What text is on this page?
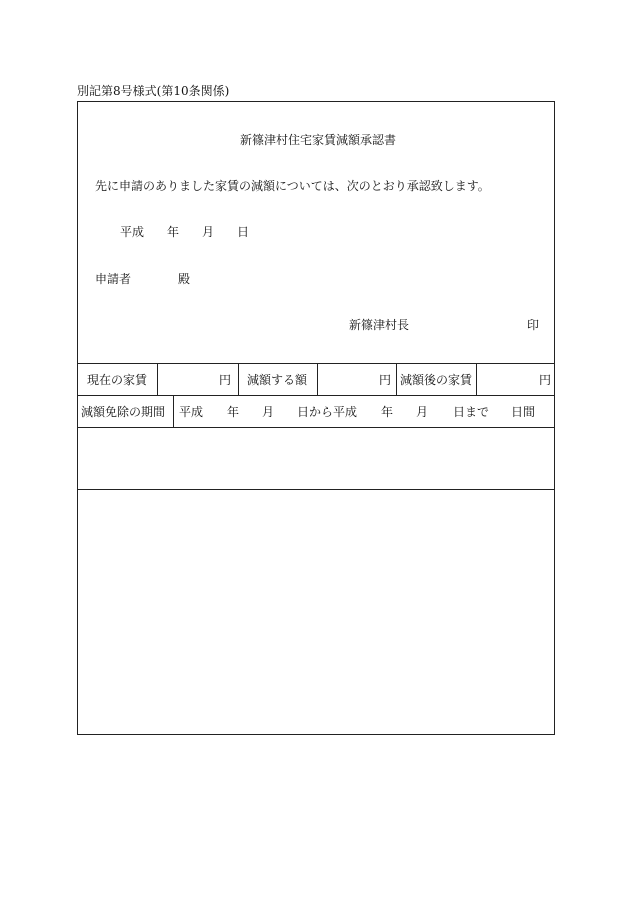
別記第8号様式(第10条関係)
新篠津村住宅家賃減額承認書
先に申請のありました家賃の減額については、次のとおり承認致します。
平成 年 月 日
申請者	殿
新篠津村長	印
現在の家賃	円 減額する額	円 減額後の家賃	円
減額免除の期間 平成 年 月 日から平成 年 月 日まで 日間
